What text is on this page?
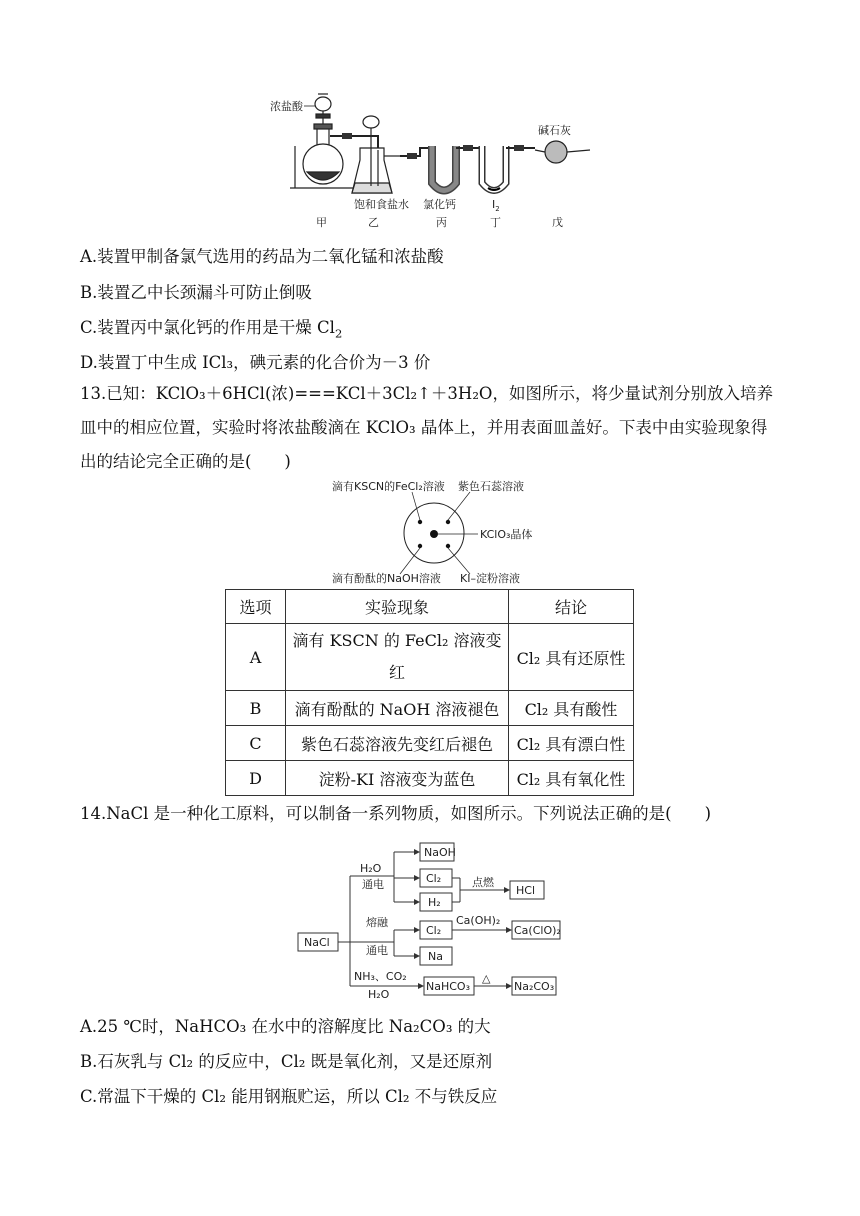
浓盐酸
碱石灰
饱和食盐水 氯化钙	$I_2$
甲	乙	丙	丁	戊
A.装置甲制备氯气选用的药品为二氧化锰和浓盐酸
B.装置乙中长颈漏斗可防止倒吸
C.装置丙中氯化钙的作用是干燥 $Cl_2$
D.装置丁中生成 ICl₃，碘元素的化合价为－3 价
13.已知：KClO₃＋6HCl(浓)===KCl＋3Cl₂↑＋3H₂O，如图所示，将少量试剂分别放入培养皿中的相应位置，实验时将浓盐酸滴在 KClO₃ 晶体上，并用表面皿盖好。下表中由实验现象得出的结论完全正确的是(　　)
滴有KSCN的FeCl₂溶液 紫色石蕊溶液
KClO₃晶体
滴有酚酞的NaOH溶液 KI–淀粉溶液
选项	实验现象	结论
A	滴有 KSCN 的 FeCl₂ 溶液变红	Cl₂ 具有还原性
B	滴有酚酞的 NaOH 溶液褪色	Cl₂ 具有酸性
C	紫色石蕊溶液先变红后褪色	Cl₂ 具有漂白性
D	淀粉-KI 溶液变为蓝色	Cl₂ 具有氧化性
14.NaCl 是一种化工原料，可以制备一系列物质，如图所示。下列说法正确的是(　　)
NaCl
H₂O
通电
NaOH
Cl₂
H₂
点燃
HCl
熔融
通电
Cl₂
Ca(OH)₂
Ca(ClO)₂
Na
NH₃、CO₂
H₂O
NaHCO₃
△
Na₂CO₃
A.25 ℃时，NaHCO₃ 在水中的溶解度比 Na₂CO₃ 的大
B.石灰乳与 Cl₂ 的反应中，Cl₂ 既是氧化剂，又是还原剂
C.常温下干燥的 Cl₂ 能用钢瓶贮运，所以 Cl₂ 不与铁反应
